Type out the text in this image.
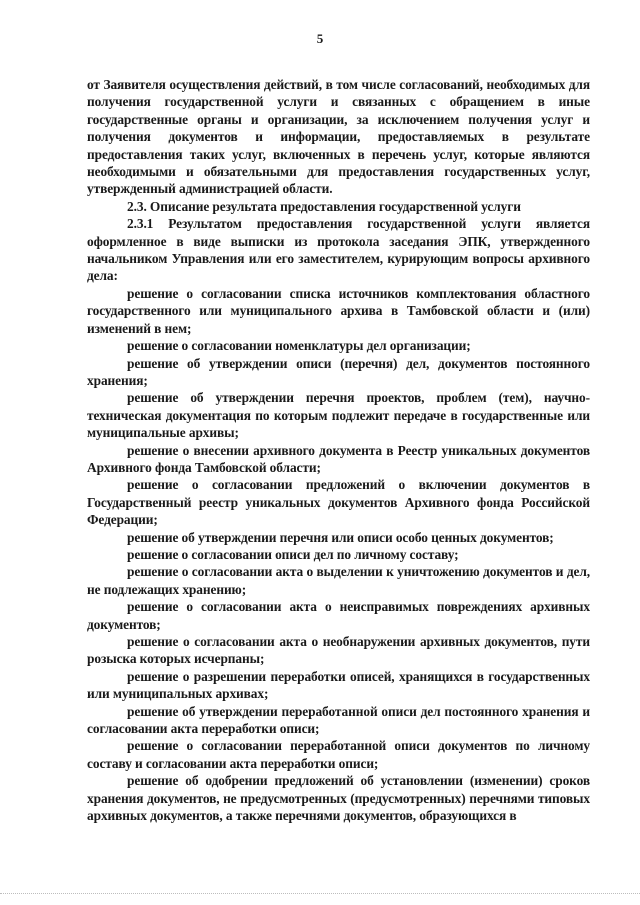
5

от Заявителя осуществления действий, в том числе согласований, необходимых для получения государственной услуги и связанных с обращением в иные государственные органы и организации, за исключением получения услуг и получения документов и информации, предоставляемых в результате предоставления таких услуг, включенных в перечень услуг, которые являются необходимыми и обязательными для предоставления государственных услуг, утвержденный администрацией области.

2.3. Описание результата предоставления государственной услуги

2.3.1 Результатом предоставления государственной услуги является оформленное в виде выписки из протокола заседания ЭПК, утвержденного начальником Управления или его заместителем, курирующим вопросы архивного дела:

решение о согласовании списка источников комплектования областного государственного или муниципального архива в Тамбовской области и (или) изменений в нем;

решение о согласовании номенклатуры дел организации;

решение об утверждении описи (перечня) дел, документов постоянного хранения;

решение об утверждении перечня проектов, проблем (тем), научно-техническая документация по которым подлежит передаче в государственные или муниципальные архивы;

решение о внесении архивного документа в Реестр уникальных документов Архивного фонда Тамбовской области;

решение о согласовании предложений о включении документов в Государственный реестр уникальных документов Архивного фонда Российской Федерации;

решение об утверждении перечня или описи особо ценных документов;

решение о согласовании описи дел по личному составу;

решение о согласовании акта о выделении к уничтожению документов и дел, не подлежащих хранению;

решение о согласовании акта о неисправимых повреждениях архивных документов;

решение о согласовании акта о необнаружении архивных документов, пути розыска которых исчерпаны;

решение о разрешении переработки описей, хранящихся в государственных или муниципальных архивах;

решение об утверждении переработанной описи дел постоянного хранения и согласовании акта переработки описи;

решение о согласовании переработанной описи документов по личному составу и согласовании акта переработки описи;

решение об одобрении предложений об установлении (изменении) сроков хранения документов, не предусмотренных (предусмотренных) перечнями типовых архивных документов, а также перечнями документов, образующихся в
